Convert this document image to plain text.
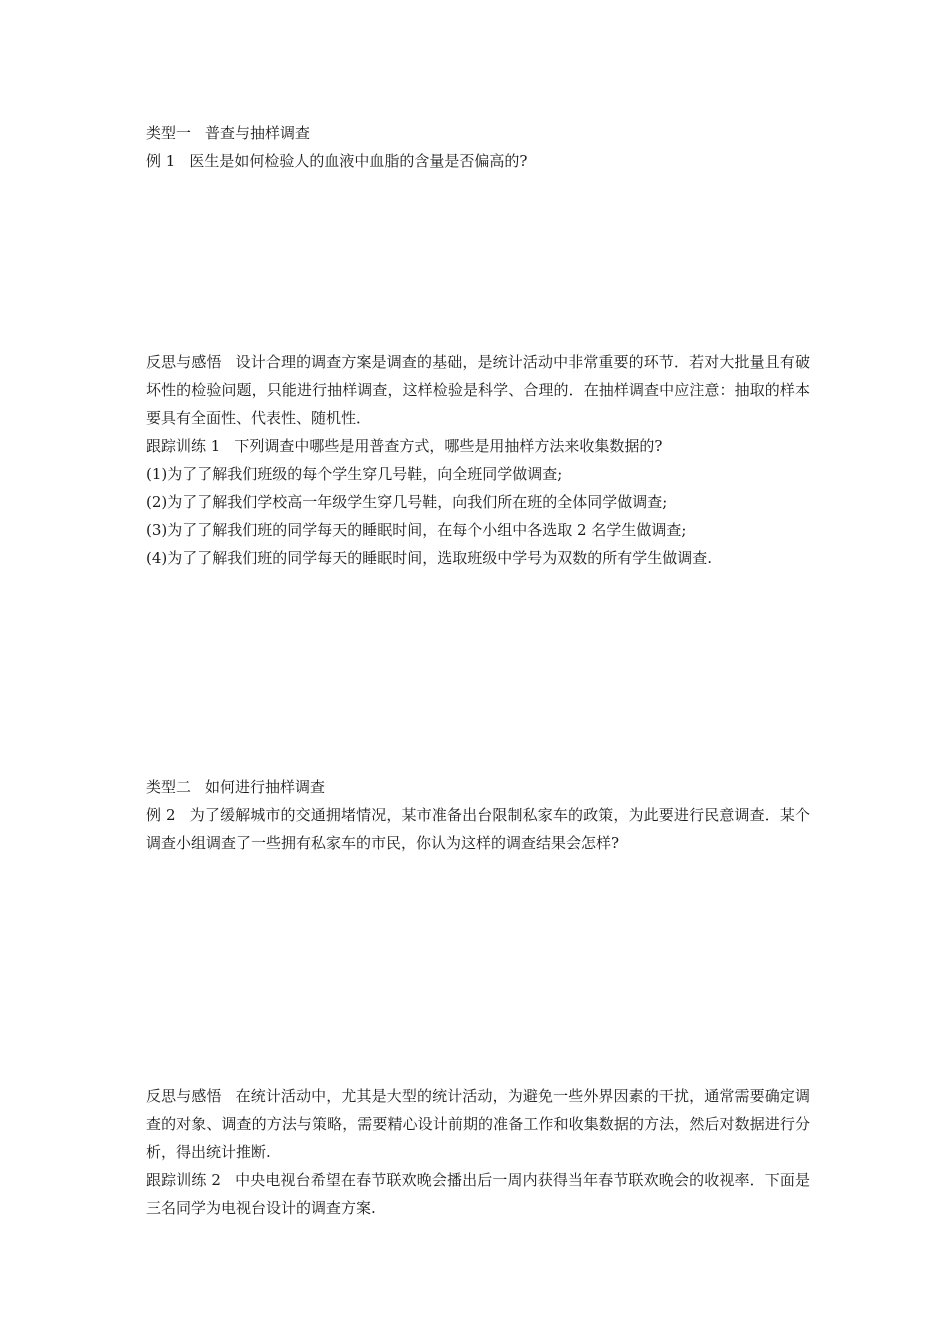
类型一 普查与抽样调查
例 1 医生是如何检验人的血液中血脂的含量是否偏高的?
反思与感悟 设计合理的调查方案是调查的基础，是统计活动中非常重要的环节．若对大批量且有破坏性的检验问题，只能进行抽样调查，这样检验是科学、合理的．在抽样调查中应注意：抽取的样本要具有全面性、代表性、随机性．
跟踪训练 1 下列调查中哪些是用普查方式，哪些是用抽样方法来收集数据的?
(1)为了了解我们班级的每个学生穿几号鞋，向全班同学做调查;
(2)为了了解我们学校高一年级学生穿几号鞋，向我们所在班的全体同学做调查;
(3)为了了解我们班的同学每天的睡眠时间，在每个小组中各选取 2 名学生做调查;
(4)为了了解我们班的同学每天的睡眠时间，选取班级中学号为双数的所有学生做调查.
类型二 如何进行抽样调查
例 2 为了缓解城市的交通拥堵情况，某市准备出台限制私家车的政策，为此要进行民意调查．某个调查小组调查了一些拥有私家车的市民，你认为这样的调查结果会怎样?
反思与感悟 在统计活动中，尤其是大型的统计活动，为避免一些外界因素的干扰，通常需要确定调查的对象、调查的方法与策略，需要精心设计前期的准备工作和收集数据的方法，然后对数据进行分析，得出统计推断.
跟踪训练 2 中央电视台希望在春节联欢晚会播出后一周内获得当年春节联欢晚会的收视率．下面是三名同学为电视台设计的调查方案.
